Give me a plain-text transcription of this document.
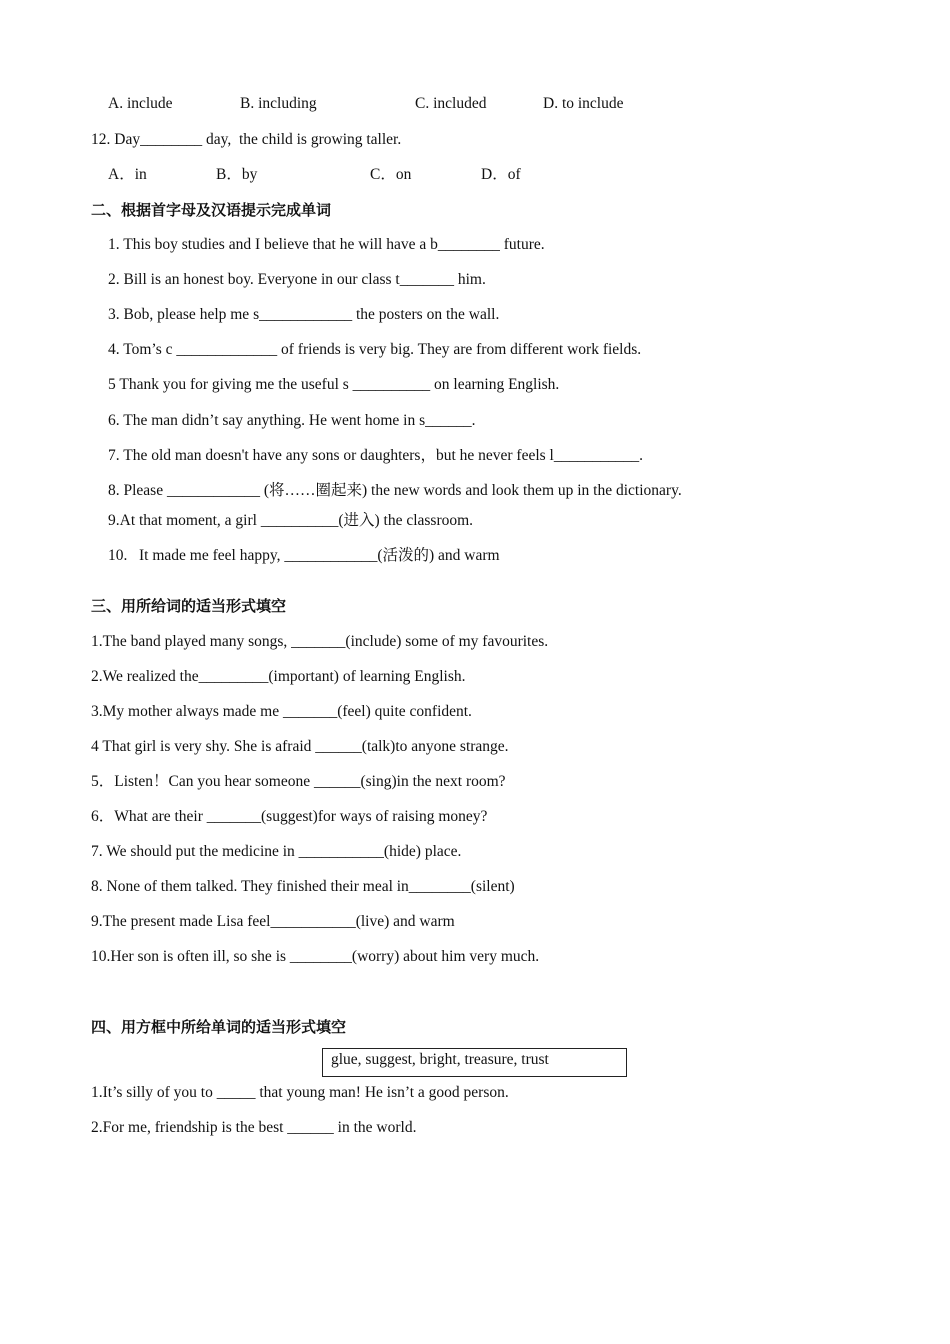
A. include	B. including	C. included	D. to include
12. Day________ day,  the child is growing taller.
A．in	B．by	C．on	D．of
二、根据首字母及汉语提示完成单词
1. This boy studies and I believe that he will have a b________ future.
2. Bill is an honest boy. Everyone in our class t_______ him.
3. Bob, please help me s____________ the posters on the wall.
4. Tom’s c _____________ of friends is very big. They are from different work fields.
5 Thank you for giving me the useful s __________ on learning English.
6. The man didn’t say anything. He went home in s______.
7. The old man doesn't have any sons or daughters，but he never feels l___________.
8. Please ____________ (将……圈起来) the new words and look them up in the dictionary.
9.At that moment, a girl __________(进入) the classroom.
10.   It made me feel happy, ____________(活泼的) and warm
三、用所给词的适当形式填空
1.The band played many songs, _______(include) some of my favourites.
2.We realized the_________(important) of learning English.
3.My mother always made me _______(feel) quite confident.
4 That girl is very shy. She is afraid ______(talk)to anyone strange.
5．Listen！Can you hear someone ______(sing)in the next room?
6．What are their _______(suggest)for ways of raising money?
7. We should put the medicine in ___________(hide) place.
8. None of them talked. They finished their meal in________(silent)
9.The present made Lisa feel___________(live) and warm
10.Her son is often ill, so she is ________(worry) about him very much.
四、用方框中所给单词的适当形式填空
glue, suggest, bright, treasure, trust
1.It’s silly of you to _____ that young man! He isn’t a good person.
2.For me, friendship is the best ______ in the world.
